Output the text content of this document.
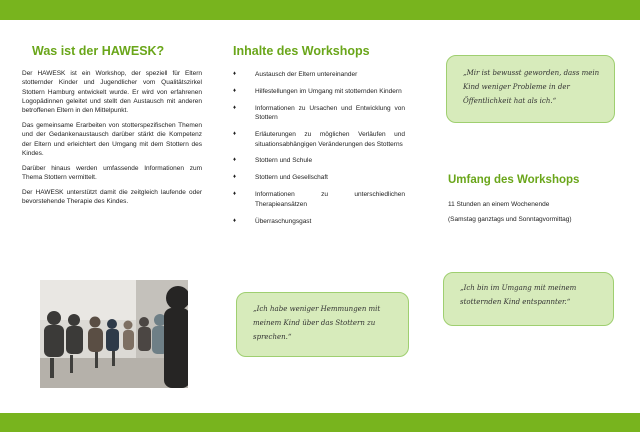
Was ist der HAWESK?

Der HAWESK ist ein Workshop, der speziell für Eltern stotternder Kinder und Jugendlicher vom Qualitätszirkel Stottern Hamburg entwickelt wurde. Er wird von erfahrenen Logopädinnen geleitet und stellt den Austausch mit anderen betroffenen Eltern in den Mittelpunkt.

Das gemeinsame Erarbeiten von stotterspezifischen Themen und der Gedankenaustausch darüber stärkt die Kompetenz der Eltern und erleichtert den Umgang mit dem Stottern des Kindes.

Darüber hinaus werden umfassende Informationen zum Thema Stottern vermittelt.

Der HAWESK unterstützt damit die zeitgleich laufende oder bevorstehende Therapie des Kindes.

Inhalte des Workshops
♦	Austausch der Eltern untereinander
♦	Hilfestellungen im Umgang mit stotternden Kindern
♦	Informationen zu Ursachen und Entwicklung von Stottern
♦	Erläuterungen zu möglichen Verläufen und situationsabhängigen Veränderungen des Stotterns
♦	Stottern und Schule
♦	Stottern und Gesellschaft
♦	Informationen zu unterschiedlichen Therapieansätzen
♦	Überraschungsgast
„Ich habe weniger Hemmungen mit meinem Kind über das Stottern zu sprechen.“
„Mir ist bewusst geworden, dass mein Kind weniger Probleme in der Öffentlichkeit hat als ich.“
Umfang des Workshops
11 Stunden an einem Wochenende
(Samstag ganztags und Sonntagvormittag)
„Ich bin im Umgang mit meinem stotternden Kind entspannter.“
